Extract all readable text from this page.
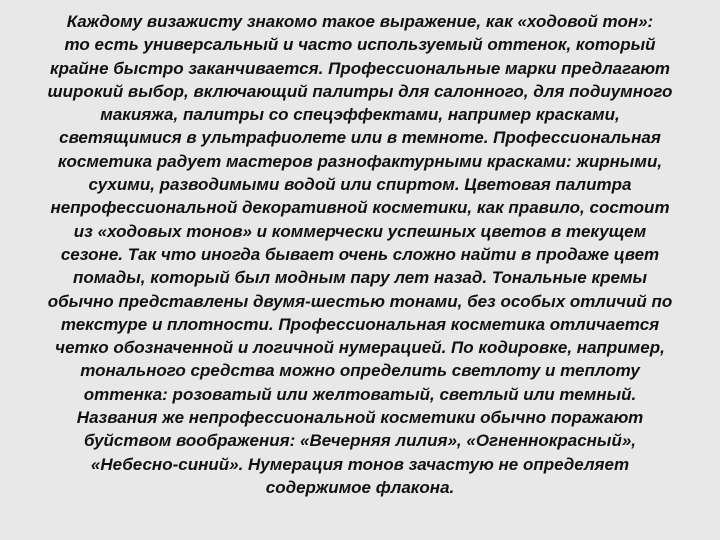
Каждому визажисту знакомо такое выражение, как «ходовой тон»:
то есть универсальный и часто используемый оттенок, который
крайне быстро заканчивается. Профессиональные марки предлагают
широкий выбор, включающий палитры для салонного, для подиумного
макияжа, палитры со спецэффектами, например красками,
светящимися в ультрафиолете или в темноте. Профессиональная
косметика радует мастеров разнофактурными красками: жирными,
сухими, разводимыми водой или спиртом. Цветовая палитра
непрофессиональной декоративной косметики, как правило, состоит
из «ходовых тонов» и коммерчески успешных цветов в текущем
сезоне. Так что иногда бывает очень сложно найти в продаже цвет
помады, который был модным пару лет назад. Тональные кремы
обычно представлены двумя-шестью тонами, без особых отличий по
текстуре и плотности. Профессиональная косметика отличается
четко обозначенной и логичной нумерацией. По кодировке, например,
тонального средства можно определить светлоту и теплоту
оттенка: розоватый или желтоватый, светлый или темный.
Названия же непрофессиональной косметики обычно поражают
буйством воображения: «Вечерняя лилия», «Огненнокрасный»,
«Небесно-синий». Нумерация тонов зачастую не определяет
содержимое флакона.
